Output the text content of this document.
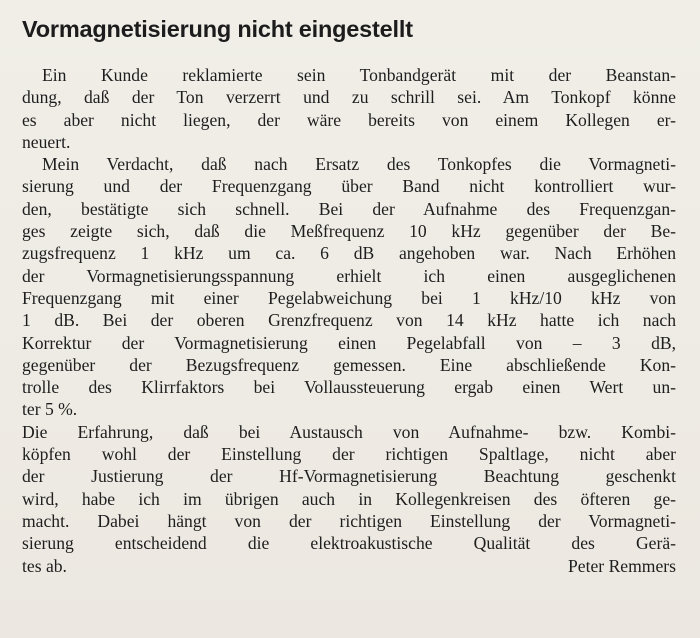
Vormagnetisierung nicht eingestellt
Ein Kunde reklamierte sein Tonbandgerät mit der Beanstan-
dung, daß der Ton verzerrt und zu schrill sei. Am Tonkopf könne
es aber nicht liegen, der wäre bereits von einem Kollegen er-
neuert.
Mein Verdacht, daß nach Ersatz des Tonkopfes die Vormagneti-
sierung und der Frequenzgang über Band nicht kontrolliert wur-
den, bestätigte sich schnell. Bei der Aufnahme des Frequenzgan-
ges zeigte sich, daß die Meßfrequenz 10 kHz gegenüber der Be-
zugsfrequenz 1 kHz um ca. 6 dB angehoben war. Nach Erhöhen
der Vormagnetisierungsspannung erhielt ich einen ausgeglichenen
Frequenzgang mit einer Pegelabweichung bei 1 kHz/10 kHz von
1 dB. Bei der oberen Grenzfrequenz von 14 kHz hatte ich nach
Korrektur der Vormagnetisierung einen Pegelabfall von – 3 dB,
gegenüber der Bezugsfrequenz gemessen. Eine abschließende Kon-
trolle des Klirrfaktors bei Vollaussteuerung ergab einen Wert un-
ter 5 %.
Die Erfahrung, daß bei Austausch von Aufnahme- bzw. Kombi-
köpfen wohl der Einstellung der richtigen Spaltlage, nicht aber
der Justierung der Hf-Vormagnetisierung Beachtung geschenkt
wird, habe ich im übrigen auch in Kollegenkreisen des öfteren ge-
macht. Dabei hängt von der richtigen Einstellung der Vormagneti-
sierung entscheidend die elektroakustische Qualität des Gerä-
tes ab.	Peter Remmers
